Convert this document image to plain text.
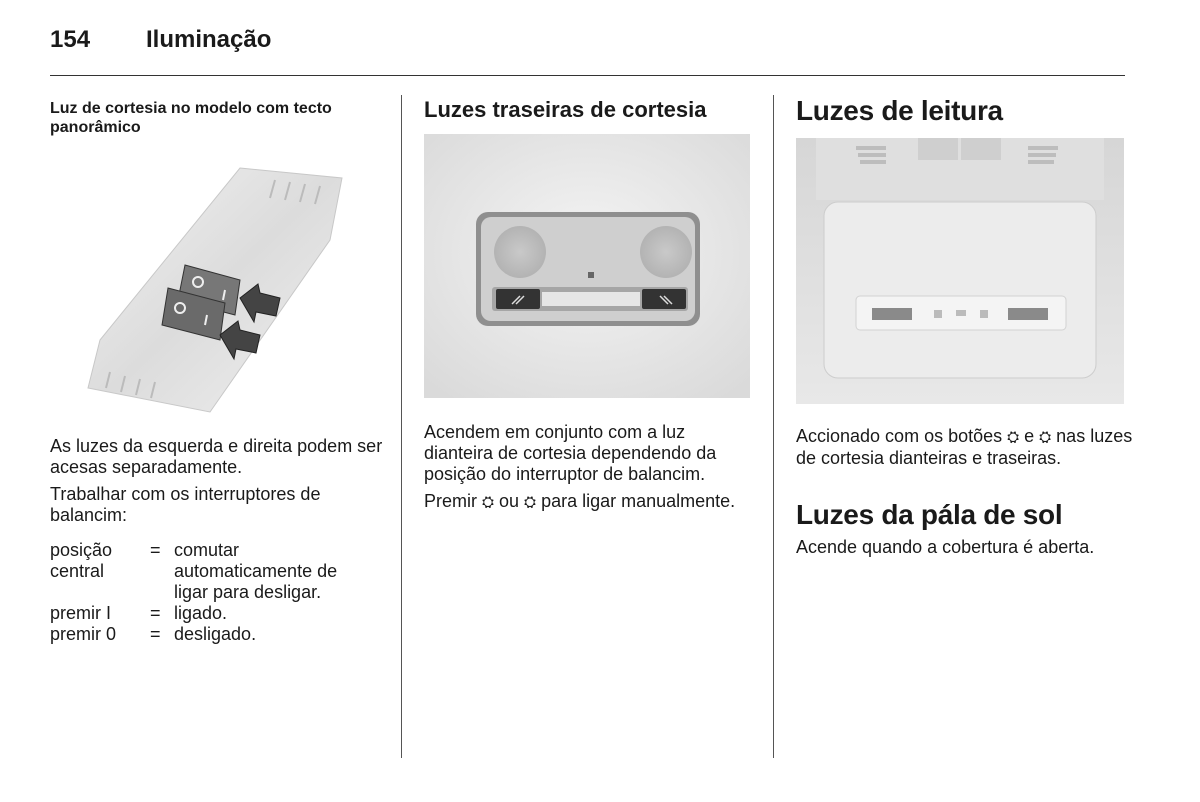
154 Iluminação

Luz de cortesia no modelo com tecto panorâmico

As luzes da esquerda e direita podem ser acesas separadamente.

Trabalhar com os interruptores de balancim:

posição central
= comutar automaticamente de ligar para desligar.
premir I	= ligado.
premir 0	= desligado.

Luzes traseiras de cortesia

Acendem em conjunto com a luz dianteira de cortesia dependendo da posição do interruptor de balancim.

Premir ⛭ ou ⛭ para ligar manualmente.

Luzes de leitura

Accionado com os botões ⛭ e ⛭ nas luzes de cortesia dianteiras e traseiras.

Luzes da pála de sol

Acende quando a cobertura é aberta.
